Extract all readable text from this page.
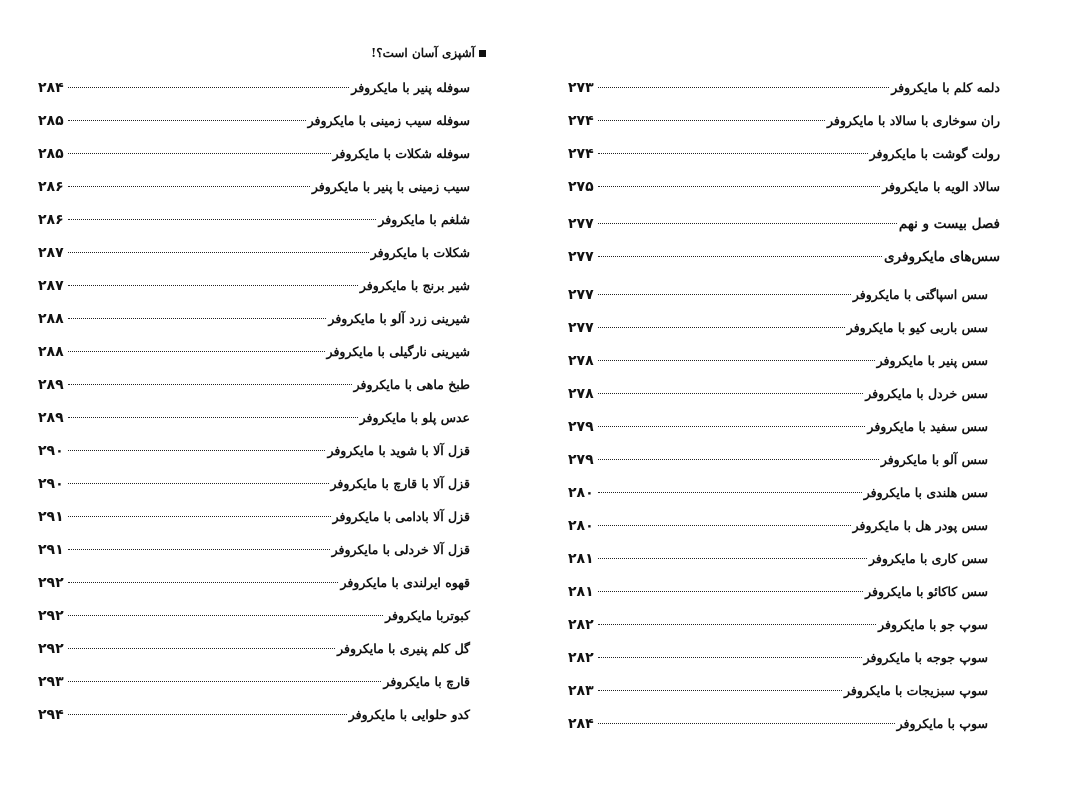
آشپزی آسان است؟!
۲۸۴	سوفله پنیر با مایکروفر
۲۸۵	سوفله سیب زمینی با مایکروفر
۲۸۵	سوفله شکلات با مایکروفر
۲۸۶	سیب زمینی با پنیر با مایکروفر
۲۸۶	شلغم با مایکروفر
۲۸۷	شکلات با مایکروفر
۲۸۷	شیر برنج با مایکروفر
۲۸۸	شیرینی زرد آلو با مایکروفر
۲۸۸	شیرینی نارگیلی با مایکروفر
۲۸۹	طبخ ماهی با مایکروفر
۲۸۹	عدس پلو با مایکروفر
۲۹۰	قزل آلا با شوید با مایکروفر
۲۹۰	قزل آلا با قارچ با مایکروفر
۲۹۱	قزل آلا بادامی با مایکروفر
۲۹۱	قزل آلا خردلی با مایکروفر
۲۹۲	قهوه ایرلندی با مایکروفر
۲۹۲	کبوتربا مایکروفر
۲۹۲	گل کلم پنیری با مایکروفر
۲۹۳	قارچ با مایکروفر
۲۹۴	کدو حلوایی با مایکروفر
۲۷۳	دلمه کلم با مایکروفر
۲۷۴	ران سوخاری با سالاد با مایکروفر
۲۷۴	رولت گوشت با مایکروفر
۲۷۵	سالاد الویه با مایکروفر
۲۷۷	فصل بیست و نهم
۲۷۷	سس‌های مایکروفری
۲۷۷	سس اسپاگتی با مایکروفر
۲۷۷	سس باربی کیو با مایکروفر
۲۷۸	سس پنیر با مایکروفر
۲۷۸	سس خردل با مایکروفر
۲۷۹	سس سفید با مایکروفر
۲۷۹	سس آلو با مایکروفر
۲۸۰	سس هلندی با مایکروفر
۲۸۰	سس پودر هل با مایکروفر
۲۸۱	سس کاری با مایکروفر
۲۸۱	سس کاکائو با مایکروفر
۲۸۲	سوپ جو با مایکروفر
۲۸۲	سوپ جوجه با مایکروفر
۲۸۳	سوپ سبزیجات با مایکروفر
۲۸۴	سوپ با مایکروفر
